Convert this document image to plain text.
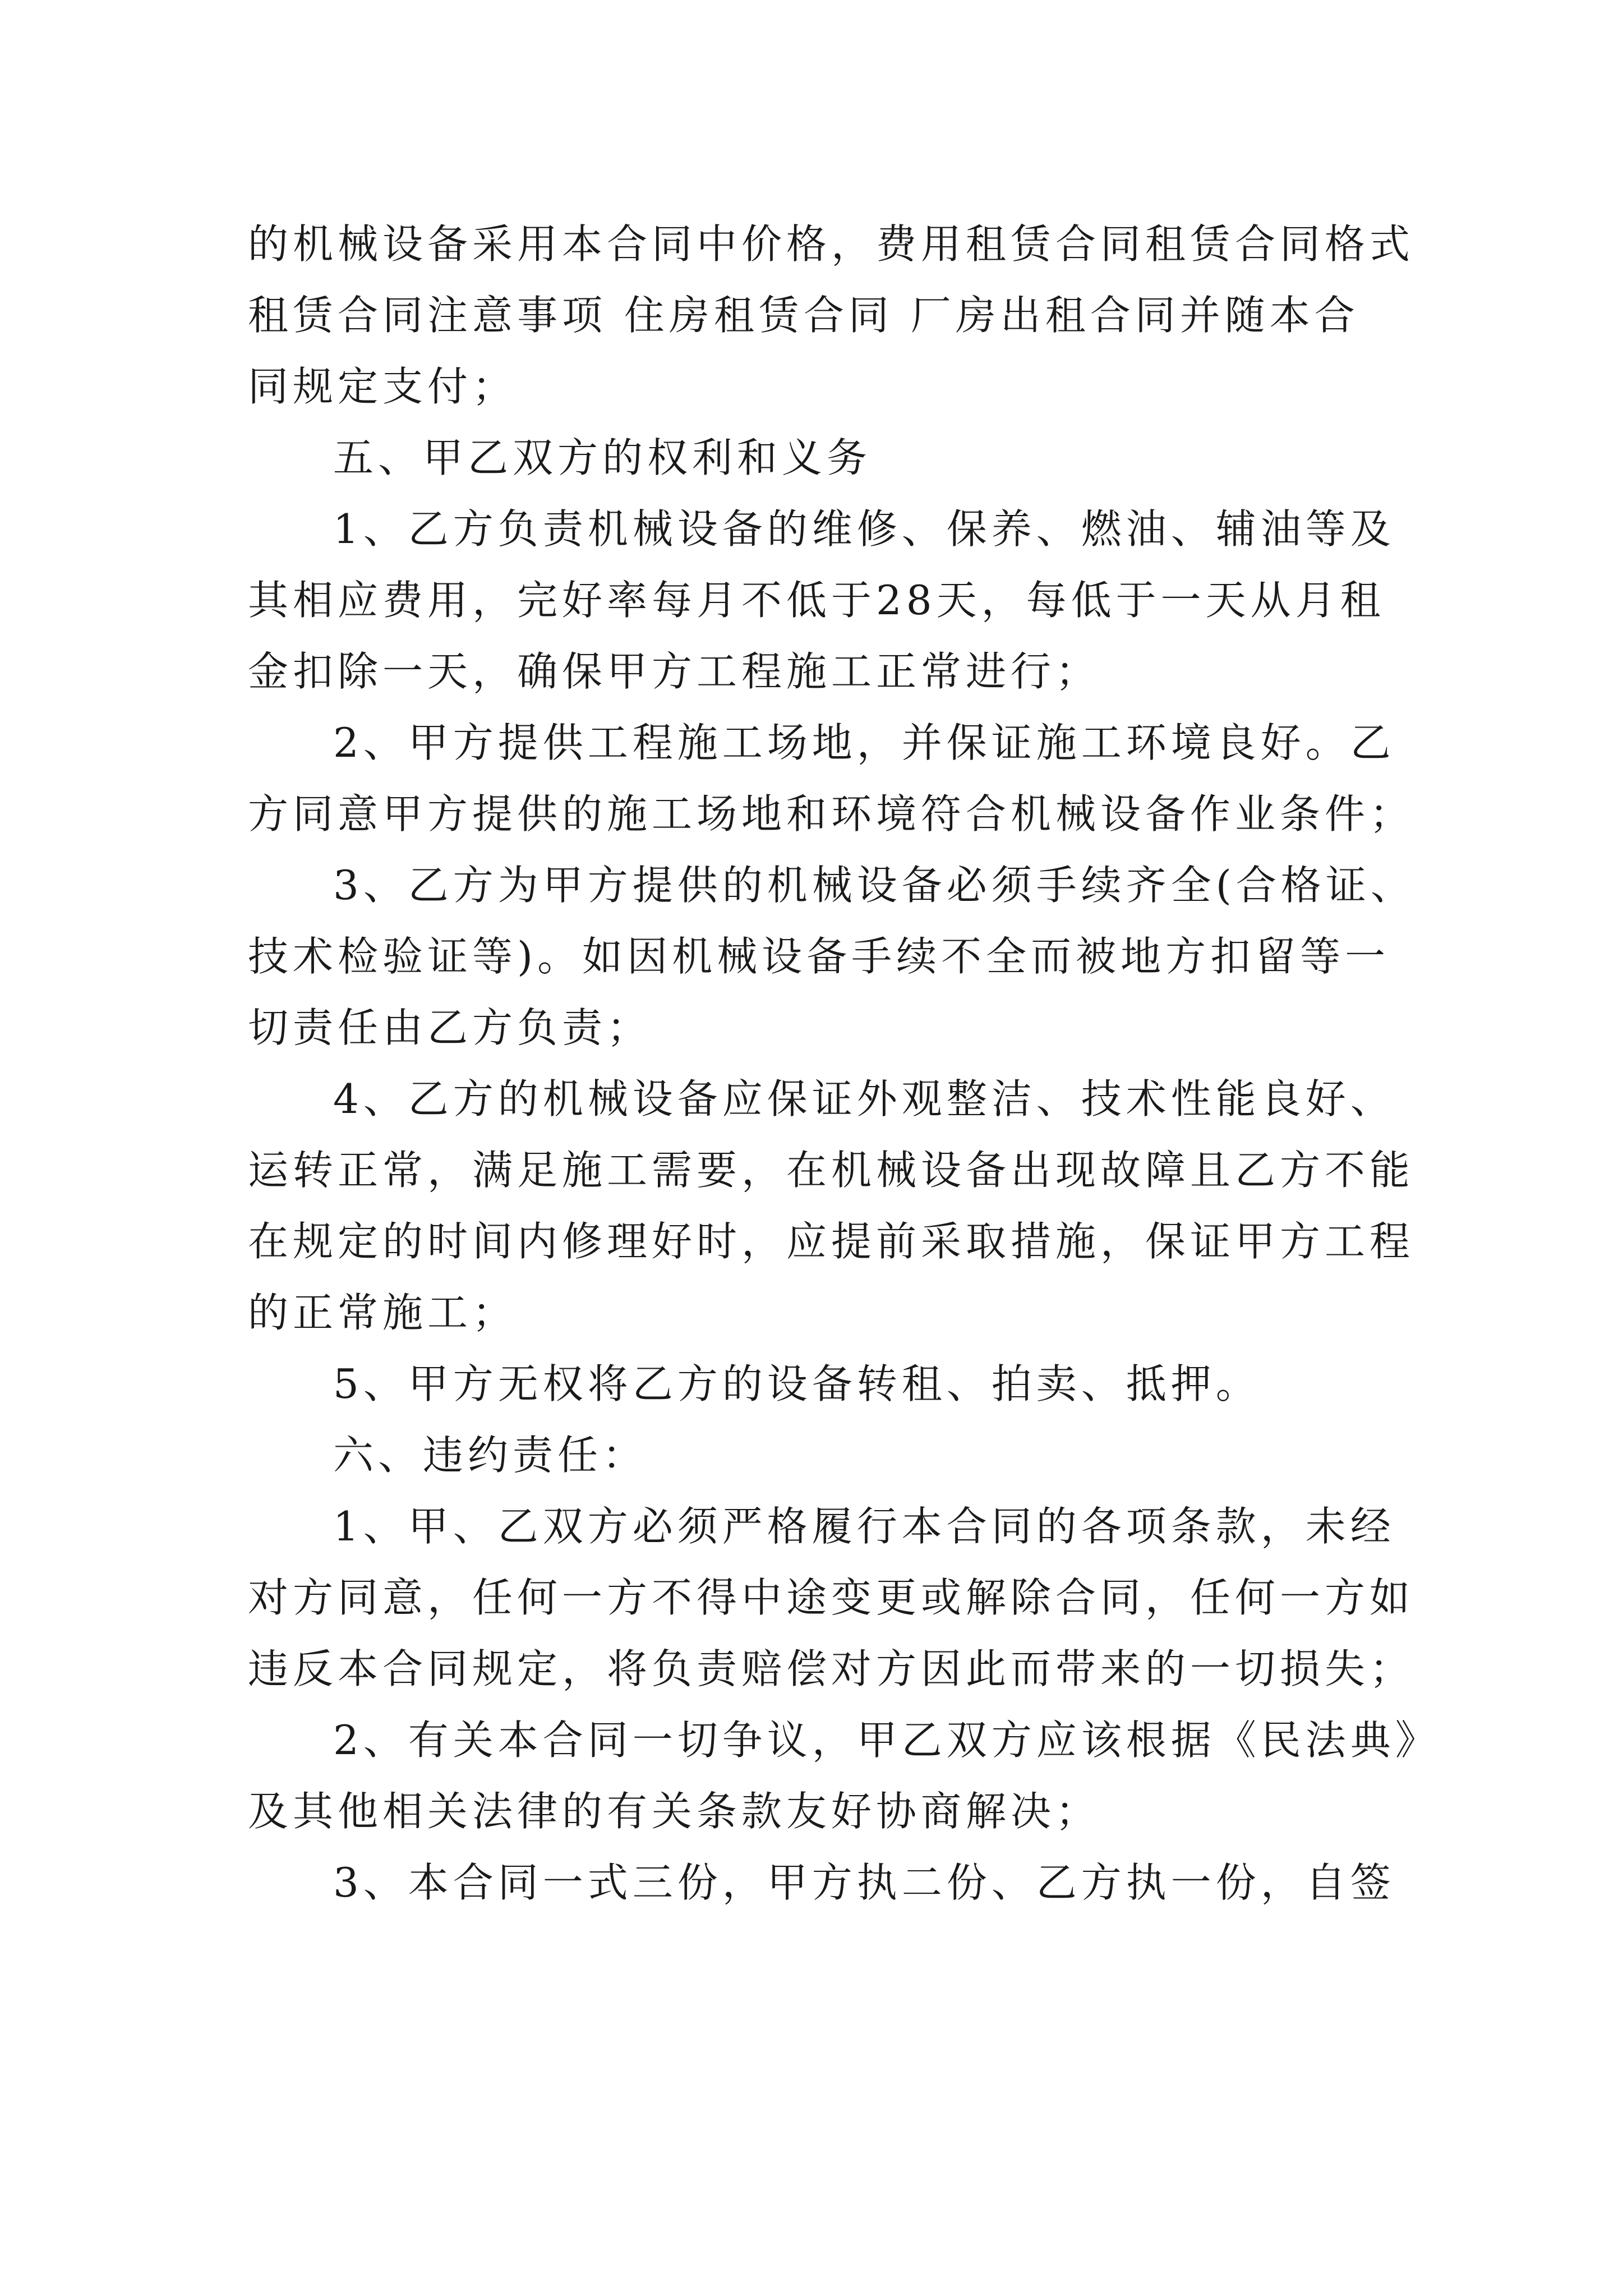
的机械设备采用本合同中价格，费用租赁合同租赁合同格式
租赁合同注意事项 住房租赁合同 厂房出租合同并随本合
同规定支付；
五、甲乙双方的权利和义务
1、乙方负责机械设备的维修、保养、燃油、辅油等及
其相应费用，完好率每月不低于28天，每低于一天从月租
金扣除一天，确保甲方工程施工正常进行；
2、甲方提供工程施工场地，并保证施工环境良好。乙
方同意甲方提供的施工场地和环境符合机械设备作业条件；
3、乙方为甲方提供的机械设备必须手续齐全(合格证、
技术检验证等)。如因机械设备手续不全而被地方扣留等一
切责任由乙方负责；
4、乙方的机械设备应保证外观整洁、技术性能良好、
运转正常，满足施工需要，在机械设备出现故障且乙方不能
在规定的时间内修理好时，应提前采取措施，保证甲方工程
的正常施工；
5、甲方无权将乙方的设备转租、拍卖、抵押。
六、违约责任：
1、甲、乙双方必须严格履行本合同的各项条款，未经
对方同意，任何一方不得中途变更或解除合同，任何一方如
违反本合同规定，将负责赔偿对方因此而带来的一切损失；
2、有关本合同一切争议，甲乙双方应该根据《民法典》
及其他相关法律的有关条款友好协商解决；
3、本合同一式三份，甲方执二份、乙方执一份，自签
